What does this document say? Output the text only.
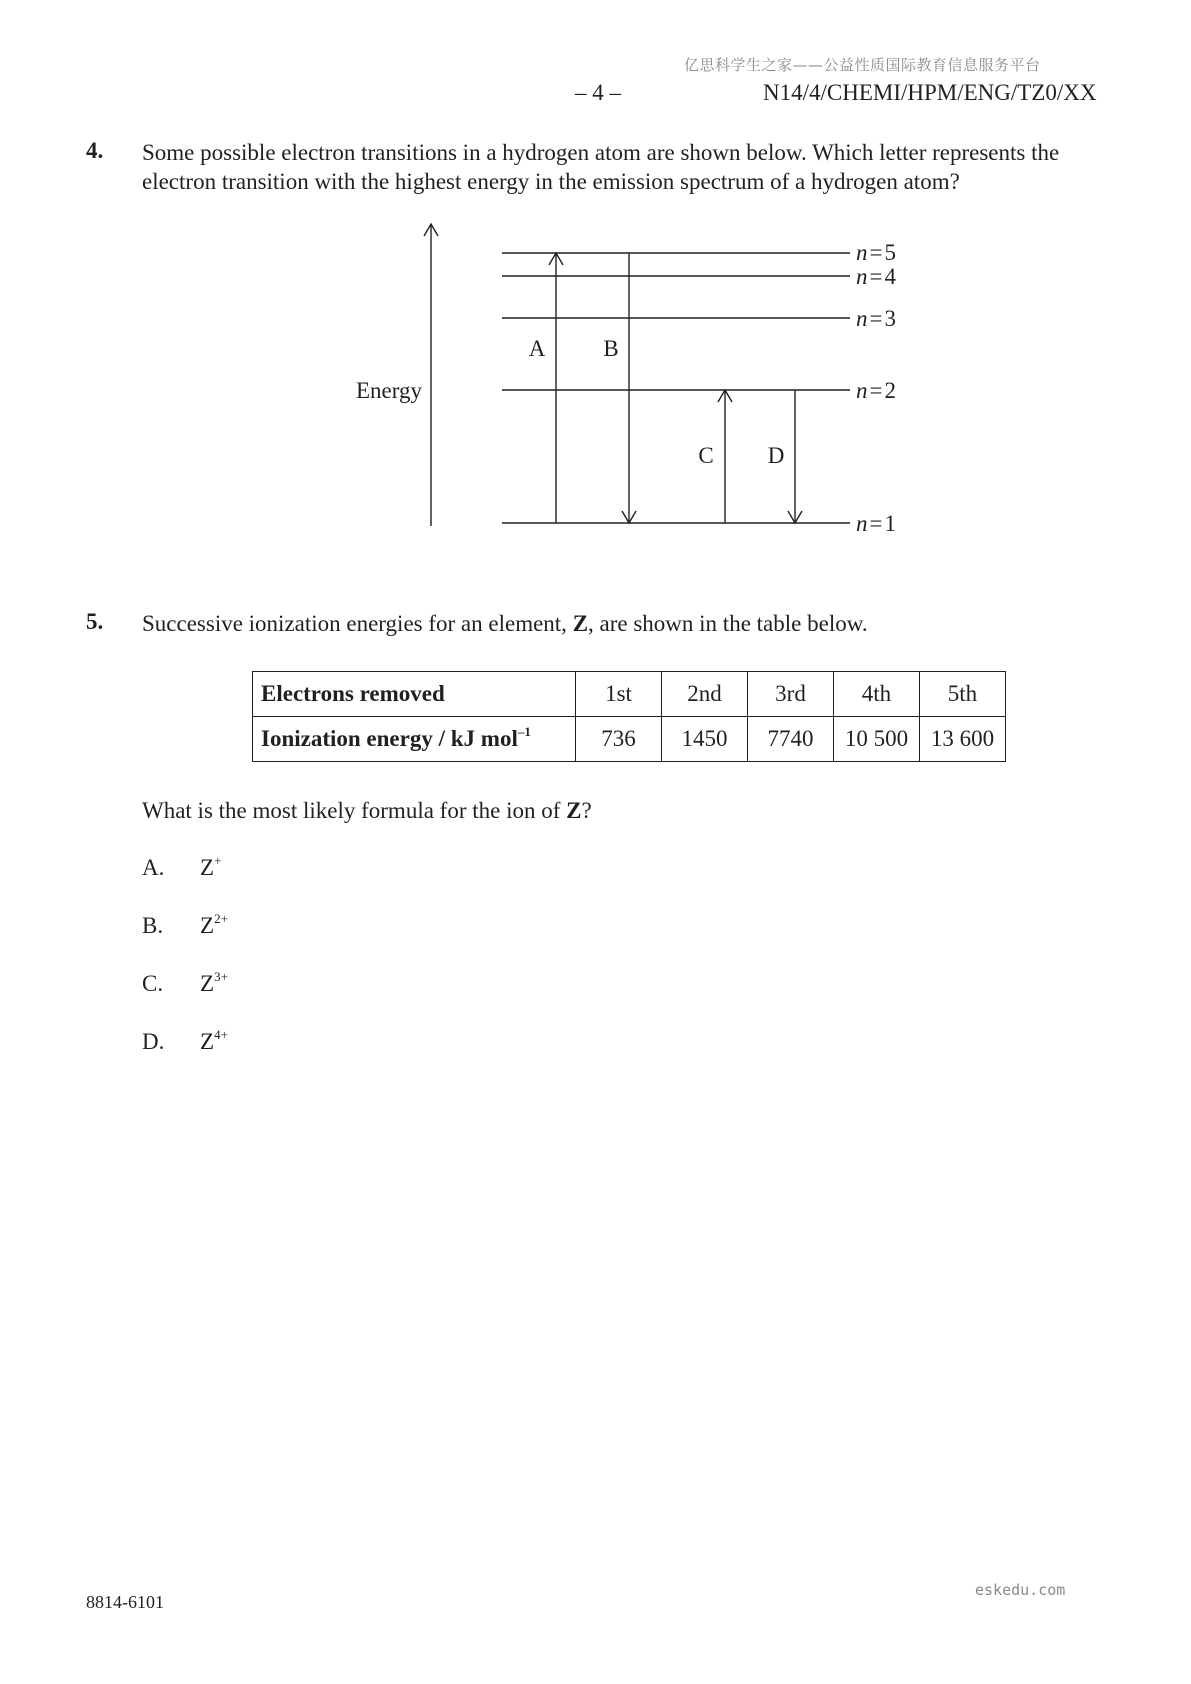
亿思科学生之家——公益性质国际教育信息服务平台
– 4 –	N14/4/CHEMI/HPM/ENG/TZ0/XX
4. Some possible electron transitions in a hydrogen atom are shown below. Which letter represents the electron transition with the highest energy in the emission spectrum of a hydrogen atom?
Energy
A	B
C D
n=5
n=4
n=3
n=2
n=1
5. Successive ionization energies for an element, Z, are shown in the table below.
Electrons removed	1st	2nd	3rd	4th	5th
Ionization energy / kJ mol$^{-1}$	736	1450	7740	10 500	13 600
What is the most likely formula for the ion of Z?
A. Z+
B. $Z^{2+}$
C. $Z^{3+}$
D. $Z^{4+}$
8814-6101
eskedu.com
